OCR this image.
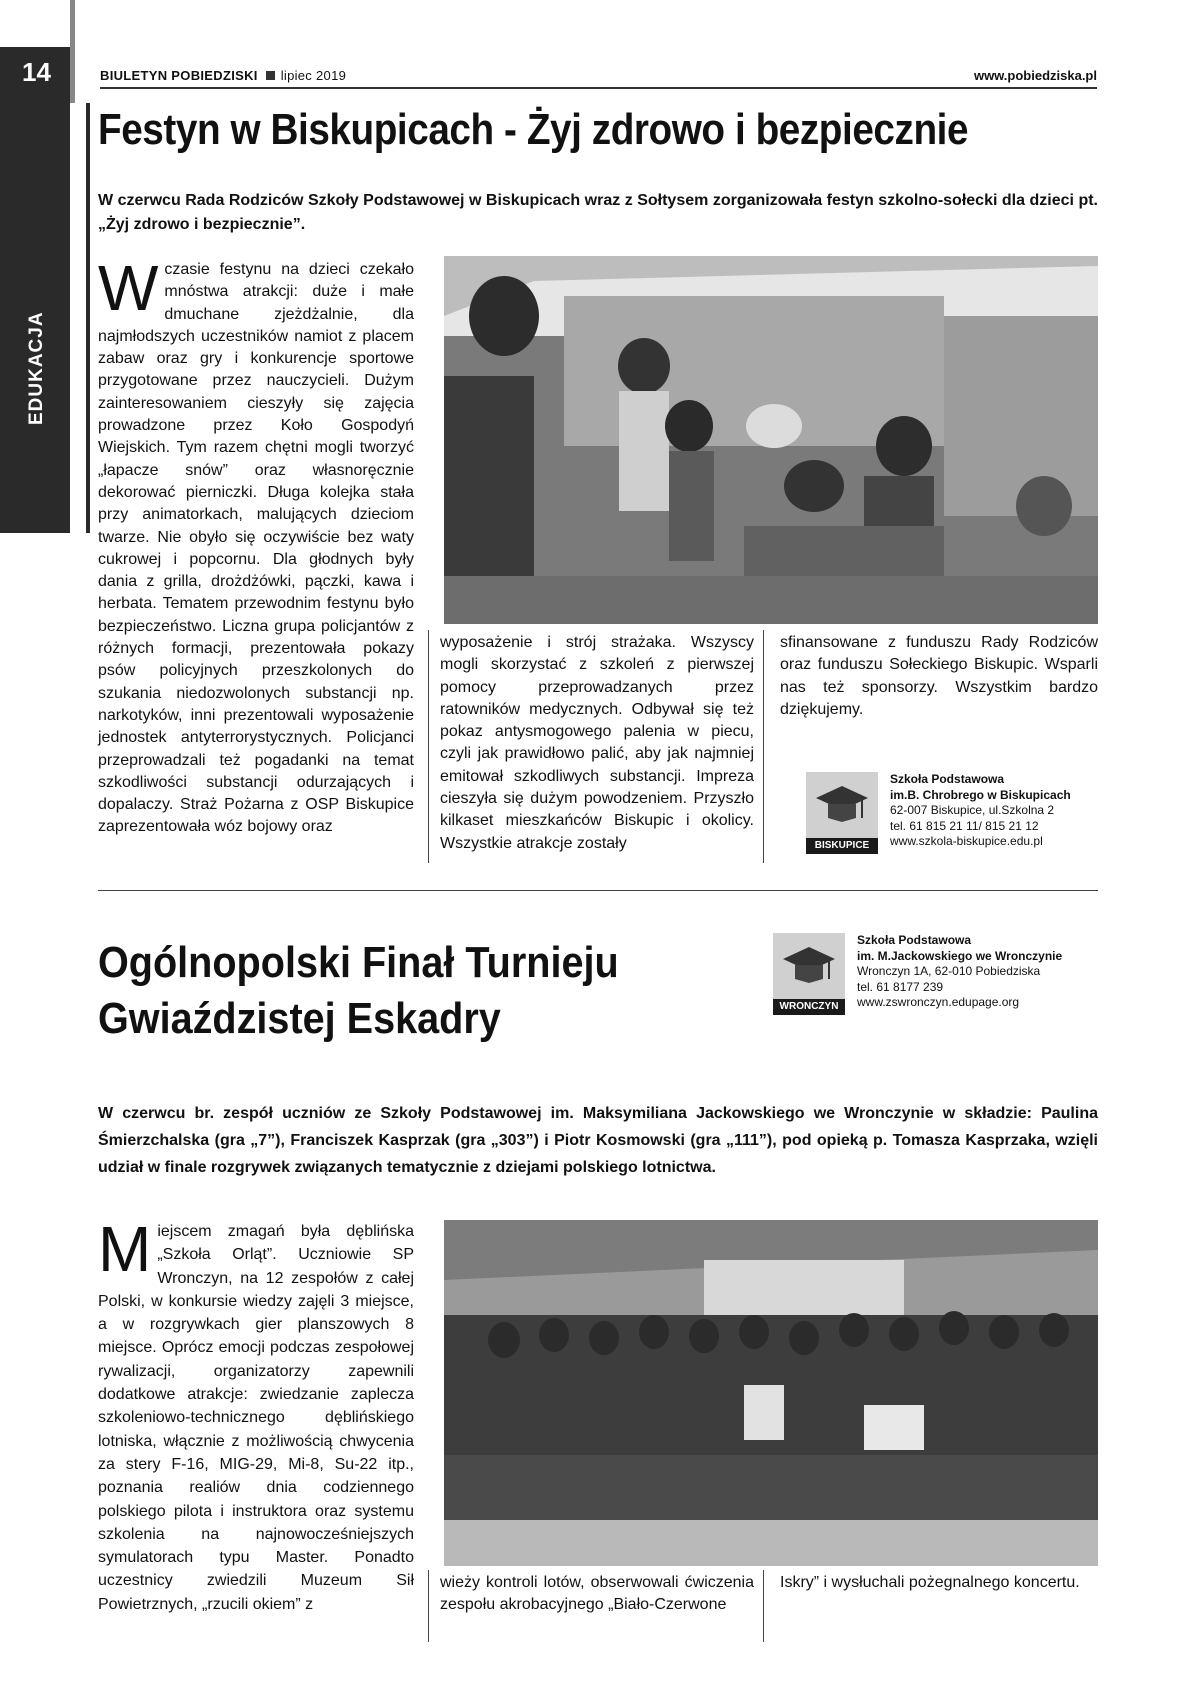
14
EDUKACJA
BIULETYN POBIEDZISKI lipiec 2019	www.pobiedziska.pl
Festyn w Biskupicach - Żyj zdrowo i bezpiecznie
W czerwcu Rada Rodziców Szkoły Podstawowej w Biskupicach wraz z Sołtysem zorganizowała festyn szkolno-sołecki dla dzieci pt. „Żyj zdrowo i bezpiecznie”.
Wczasie festynu na dzieci czekało mnóstwa atrakcji: duże i małe dmuchane zjeżdżalnie, dla najmłodszych uczestników namiot z placem zabaw oraz gry i konkurencje sportowe przygotowane przez nauczycieli. Dużym zainteresowaniem cieszyły się zajęcia prowadzone przez Koło Gospodyń Wiejskich. Tym razem chętni mogli tworzyć „łapacze snów” oraz własnoręcznie dekorować pierniczki. Długa kolejka stała przy animatorkach, malujących dzieciom twarze. Nie obyło się oczywiście bez waty cukrowej i popcornu. Dla głodnych były dania z grilla, drożdżówki, pączki, kawa i herbata. Tematem przewodnim festynu było bezpieczeństwo. Liczna grupa policjantów z różnych formacji, prezentowała pokazy psów policyjnych przeszkolonych do szukania niedozwolonych substancji np. narkotyków, inni prezentowali wyposażenie jednostek antyterrorystycznych. Policjanci przeprowadzali też pogadanki na temat szkodliwości substancji odurzających i dopalaczy. Straż Pożarna z OSP Biskupice zaprezentowała wóz bojowy oraz
wyposażenie i strój strażaka. Wszyscy mogli skorzystać z szkoleń z pierwszej pomocy przeprowadzanych przez ratowników medycznych. Odbywał się też pokaz antysmogowego palenia w piecu, czyli jak prawidłowo palić, aby jak najmniej emitował szkodliwych substancji. Impreza cieszyła się dużym powodzeniem. Przyszło kilkaset mieszkańców Biskupic i okolicy. Wszystkie atrakcje zostały
sfinansowane z funduszu Rady Rodziców oraz funduszu Sołeckiego Biskupic. Wsparli nas też sponsorzy. Wszystkim bardzo dziękujemy.
BISKUPICE
Szkoła Podstawowa
im.B. Chrobrego w Biskupicach
62-007 Biskupice, ul.Szkolna 2
tel. 61 815 21 11/ 815 21 12
www.szkola-biskupice.edu.pl
Ogólnopolski Finał Turnieju
Gwiaździstej Eskadry	WRONCZYN
Szkoła Podstawowa
im. M.Jackowskiego we Wronczynie
Wronczyn 1A, 62-010 Pobiedziska
tel. 61 8177 239
www.zswronczyn.edupage.org
W czerwcu br. zespół uczniów ze Szkoły Podstawowej im. Maksymiliana Jackowskiego we Wronczynie w składzie: Paulina Śmierzchalska (gra „7”), Franciszek Kasprzak (gra „303”) i Piotr Kosmowski (gra „111”), pod opieką p. Tomasza Kasprzaka, wzięli udział w finale rozgrywek związanych tematycznie z dziejami polskiego lotnictwa.
Miejscem zmagań była dęblińska „Szkoła Orląt”. Uczniowie SP Wronczyn, na 12 zespołów z całej Polski, w konkursie wiedzy zajęli 3 miejsce, a w rozgrywkach gier planszowych 8 miejsce. Oprócz emocji podczas zespołowej rywalizacji, organizatorzy zapewnili dodatkowe atrakcje: zwiedzanie zaplecza szkoleniowo-technicznego dęblińskiego lotniska, włącznie z możliwością chwycenia za stery F-16, MIG-29, Mi-8, Su-22 itp., poznania realiów dnia codziennego polskiego pilota i instruktora oraz systemu szkolenia na najnowocześniejszych symulatorach typu Master. Ponadto uczestnicy zwiedzili Muzeum Sił Powietrznych, „rzucili okiem” z
wieży kontroli lotów, obserwowali ćwiczenia zespołu akrobacyjnego „Biało-Czerwone
Iskry” i wysłuchali pożegnalnego koncertu.
